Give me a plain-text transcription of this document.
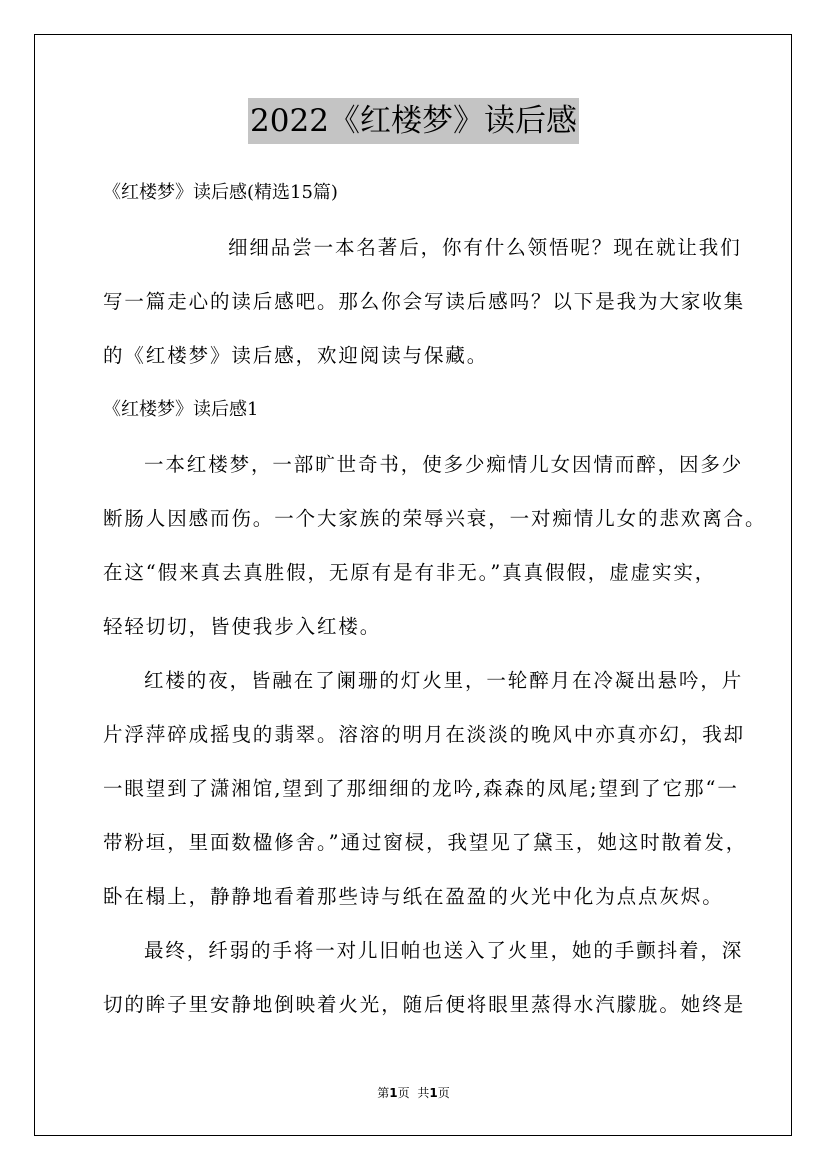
2022《红楼梦》读后感
《红楼梦》读后感(精选15篇)
细细品尝一本名著后，你有什么领悟呢？现在就让我们
写一篇走心的读后感吧。那么你会写读后感吗？以下是我为大家收集
的《红楼梦》读后感，欢迎阅读与保藏。
《红楼梦》读后感1
一本红楼梦，一部旷世奇书，使多少痴情儿女因情而醉，因多少
断肠人因感而伤。一个大家族的荣辱兴衰，一对痴情儿女的悲欢离合。
在这“假来真去真胜假，无原有是有非无。”真真假假，虚虚实实，
轻轻切切，皆使我步入红楼。
红楼的夜，皆融在了阑珊的灯火里，一轮醉月在冷凝出悬吟，片
片浮萍碎成摇曳的翡翠。溶溶的明月在淡淡的晚风中亦真亦幻，我却
一眼望到了潇湘馆,望到了那细细的龙吟,森森的凤尾;望到了它那“一
带粉垣，里面数楹修舍。”通过窗棂，我望见了黛玉，她这时散着发，
卧在榻上，静静地看着那些诗与纸在盈盈的火光中化为点点灰烬。
最终，纤弱的手将一对儿旧帕也送入了火里，她的手颤抖着，深
切的眸子里安静地倒映着火光，随后便将眼里蒸得水汽朦胧。她终是
第1页 共1页
